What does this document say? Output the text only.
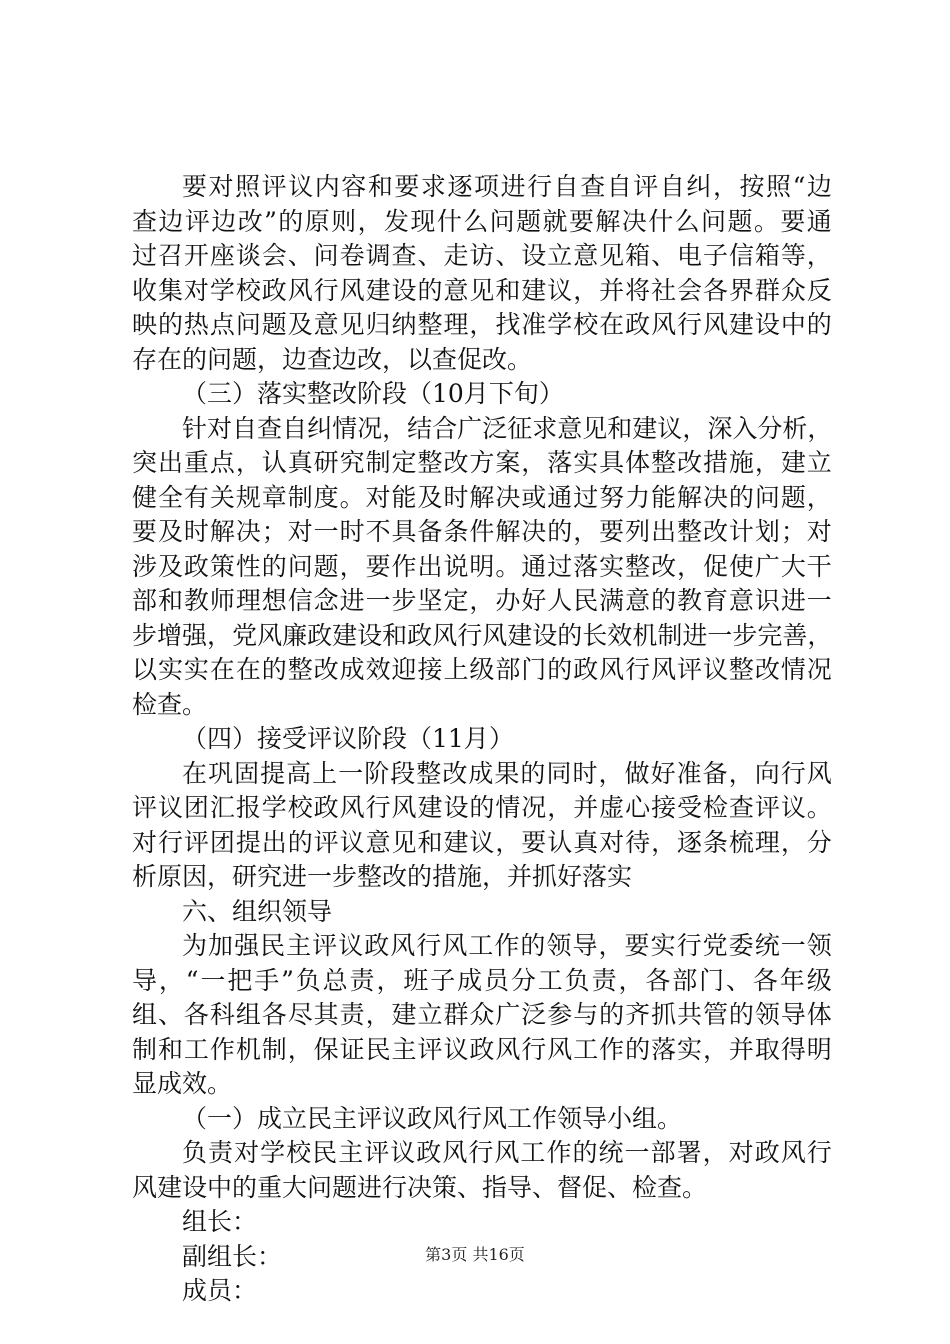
要 对 照 评 议 内 容 和 要 求 逐 项 进 行 自 查 自 评 自 纠 ， 按 照 “ 边
查 边 评 边 改 ” 的 原 则 ， 发 现 什 么 问 题 就 要 解 决 什 么 问 题 。 要 通
过 召 开 座 谈 会 、 问 卷 调 查 、 走 访 、 设 立 意 见 箱 、 电 子 信 箱 等 ，
收 集 对 学 校 政 风 行 风 建 设 的 意 见 和 建 议 ， 并 将 社 会 各 界 群 众 反
映 的 热 点 问 题 及 意 见 归 纳 整 理 ， 找 准 学 校 在 政 风 行 风 建 设 中 的
存在的问题，边查边改，以查促改。
（三）落实整改阶段（10月下旬）
针 对 自 查 自 纠 情 况 ， 结 合 广 泛 征 求 意 见 和 建 议 ， 深 入 分 析 ，
突 出 重 点 ， 认 真 研 究 制 定 整 改 方 案 ， 落 实 具 体 整 改 措 施 ， 建 立
健 全 有 关 规 章 制 度 。 对 能 及 时 解 决 或 通 过 努 力 能 解 决 的 问 题 ，
要 及 时 解 决 ； 对 一 时 不 具 备 条 件 解 决 的 ， 要 列 出 整 改 计 划 ； 对
涉 及 政 策 性 的 问 题 ， 要 作 出 说 明 。 通 过 落 实 整 改 ， 促 使 广 大 干
部 和 教 师 理 想 信 念 进 一 步 坚 定 ， 办 好 人 民 满 意 的 教 育 意 识 进 一
步 增 强 ， 党 风 廉 政 建 设 和 政 风 行 风 建 设 的 长 效 机 制 进 一 步 完 善 ，
以 实 实 在 在 的 整 改 成 效 迎 接 上 级 部 门 的 政 风 行 风 评 议 整 改 情 况
检查。
（四）接受评议阶段（11月）
在 巩 固 提 高 上 一 阶 段 整 改 成 果 的 同 时 ， 做 好 准 备 ， 向 行 风
评 议 团 汇 报 学 校 政 风 行 风 建 设 的 情 况 ， 并 虚 心 接 受 检 查 评 议 。
对 行 评 团 提 出 的 评 议 意 见 和 建 议 ， 要 认 真 对 待 ， 逐 条 梳 理 ， 分
析原因，研究进一步整改的措施，并抓好落实
六、组织领导
为 加 强 民 主 评 议 政 风 行 风 工 作 的 领 导 ， 要 实 行 党 委 统 一 领
导 ， “ 一 把 手 ” 负 总 责 ， 班 子 成 员 分 工 负 责 ， 各 部 门 、 各 年 级
组 、 各 科 组 各 尽 其 责 ， 建 立 群 众 广 泛 参 与 的 齐 抓 共 管 的 领 导 体
制 和 工 作 机 制 ， 保 证 民 主 评 议 政 风 行 风 工 作 的 落 实 ， 并 取 得 明
显成效。
（一）成立民主评议政风行风工作领导小组。
负 责 对 学 校 民 主 评 议 政 风 行 风 工 作 的 统 一 部 署 ， 对 政 风 行
风建设中的重大问题进行决策、指导、督促、检查。
组长：
副组长：
成员：
第3页 共16页
